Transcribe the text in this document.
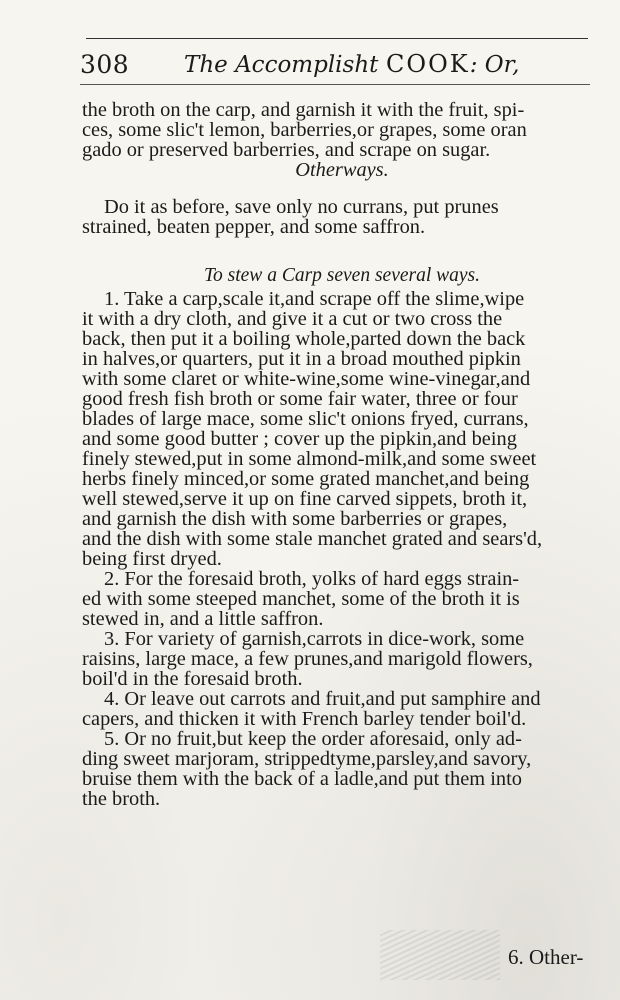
308 The Accomplisht COOK: Or,
the broth on the carp, and garnish it with the fruit, spi-
ces, some slic't lemon, barberries,or grapes, some oran
gado or preserved barberries, and scrape on sugar.
Otherways.
Do it as before, save only no currans, put prunes
strained, beaten pepper, and some saffron.
To stew a Carp seven several ways.
1. Take a carp,scale it,and scrape off the slime,wipe
it with a dry cloth, and give it a cut or two cross the
back, then put it a boiling whole,parted down the back
in halves,or quarters, put it in a broad mouthed pipkin
with some claret or white-wine,some wine-vinegar,and
good fresh fish broth or some fair water, three or four
blades of large mace, some slic't onions fryed, currans,
and some good butter ; cover up the pipkin,and being
finely stewed,put in some almond-milk,and some sweet
herbs finely minced,or some grated manchet,and being
well stewed,serve it up on fine carved sippets, broth it,
and garnish the dish with some barberries or grapes,
and the dish with some stale manchet grated and sears'd,
being first dryed.
2. For the foresaid broth, yolks of hard eggs strain-
ed with some steeped manchet, some of the broth it is
stewed in, and a little saffron.
3. For variety of garnish,carrots in dice-work, some
raisins, large mace, a few prunes,and marigold flowers,
boil'd in the foresaid broth.
4. Or leave out carrots and fruit,and put samphire and
capers, and thicken it with French barley tender boil'd.
5. Or no fruit,but keep the order aforesaid, only ad-
ding sweet marjoram, strippedtyme,parsley,and savory,
bruise them with the back of a ladle,and put them into
the broth.
6. Other-
